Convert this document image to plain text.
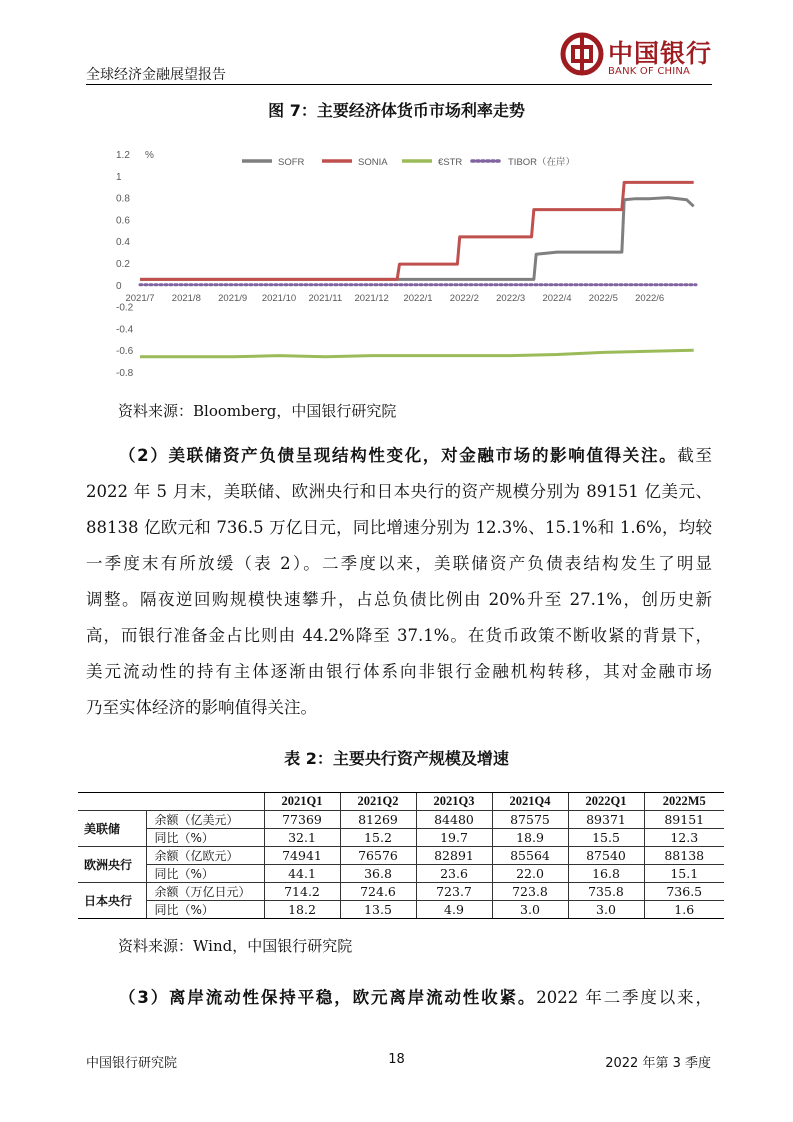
全球经济金融展望报告
中国银行
BANK OF CHINA
图 7：主要经济体货币市场利率走势
1.2
1
0.8
0.6
0.4
0.2
0
-0.2
-0.4
-0.6
-0.8
%
2021/7 2021/8 2021/9 2021/10 2021/11 2021/12 2022/1 2022/2 2022/3 2022/4 2022/5 2022/6
SOFR	SONIA	€STR	TIBOR（在岸）
资料来源：Bloomberg，中国银行研究院
（2）美联储资产负债呈现结构性变化，对金融市场的影响值得关注。截至
2022 年 5 月末，美联储、欧洲央行和日本央行的资产规模分别为 89151 亿美元、
88138 亿欧元和 736.5 万亿日元，同比增速分别为 12.3%、15.1%和 1.6%，均较
一季度末有所放缓（表 2）。二季度以来，美联储资产负债表结构发生了明显
调整。隔夜逆回购规模快速攀升，占总负债比例由 20%升至 27.1%，创历史新
高，而银行准备金占比则由 44.2%降至 37.1%。在货币政策不断收紧的背景下，
美元流动性的持有主体逐渐由银行体系向非银行金融机构转移，其对金融市场
乃至实体经济的影响值得关注。
表 2：主要央行资产规模及增速
		2021Q1	2021Q2	2021Q3	2021Q4	2022Q1	2022M5
美联储	余额（亿美元）	77369	81269	84480	87575	89371	89151
	同比（%）	32.1	15.2	19.7	18.9	15.5	12.3
欧洲央行	余额（亿欧元）	74941	76576	82891	85564	87540	88138
	同比（%）	44.1	36.8	23.6	22.0	16.8	15.1
日本央行	余额（万亿日元）	714.2	724.6	723.7	723.8	735.8	736.5
	同比（%）	18.2	13.5	4.9	3.0	3.0	1.6
资料来源：Wind，中国银行研究院
（3）离岸流动性保持平稳，欧元离岸流动性收紧。2022 年二季度以来，
中国银行研究院	18	2022 年第 3 季度
